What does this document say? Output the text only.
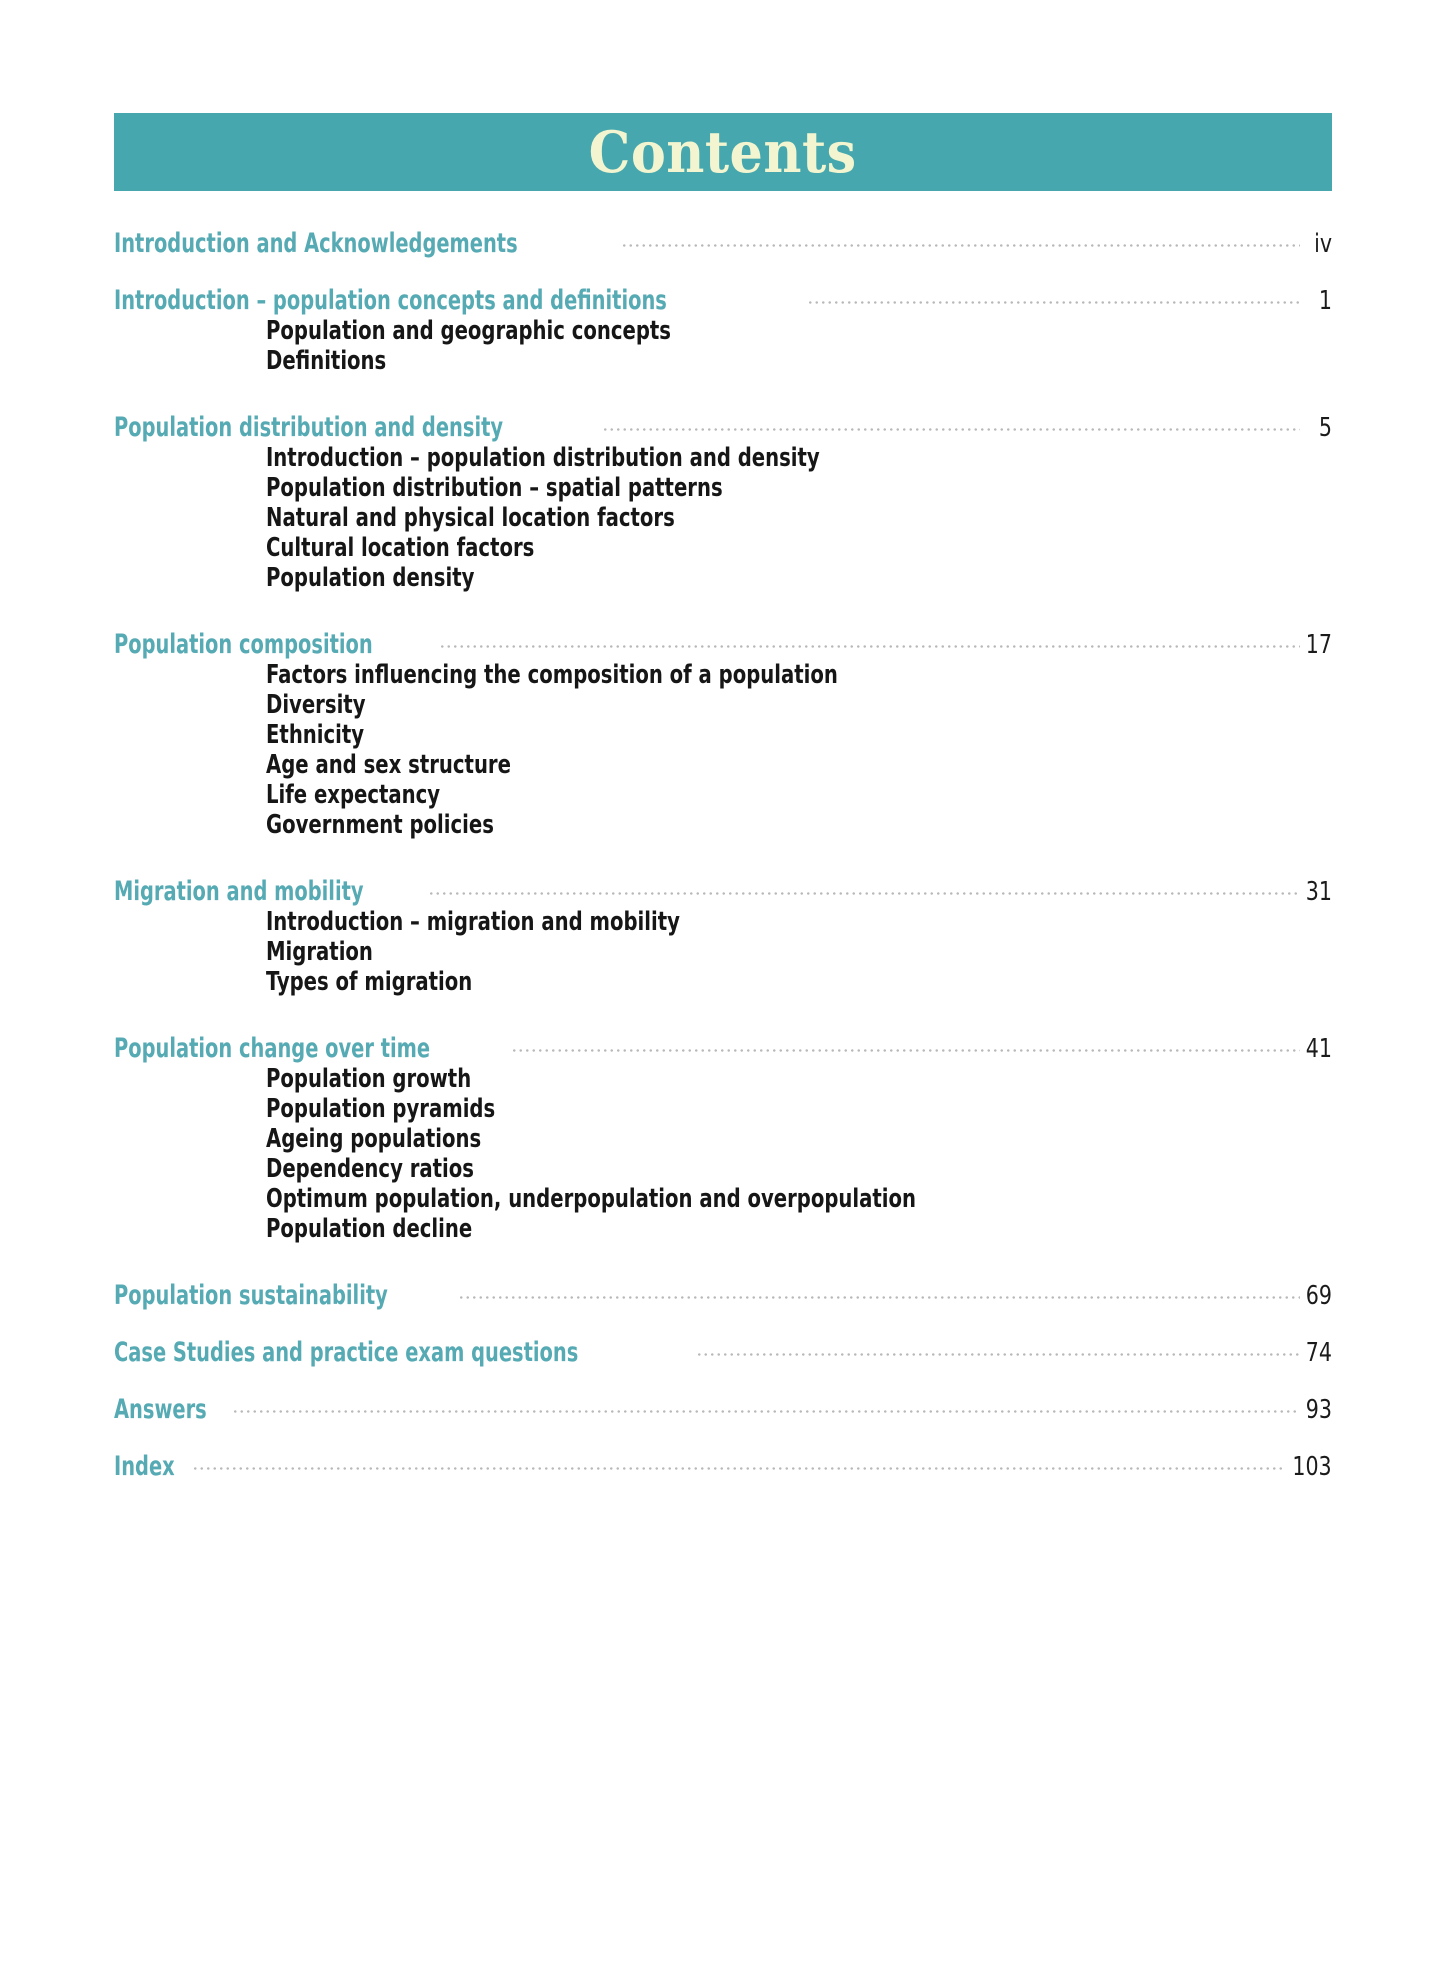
Contents
Introduction and Acknowledgements	iv
Introduction – population concepts and definitions	1
Population and geographic concepts
Definitions
Population distribution and density	5
Introduction – population distribution and density
Population distribution – spatial patterns
Natural and physical location factors
Cultural location factors
Population density
Population composition	17
Factors influencing the composition of a population
Diversity
Ethnicity
Age and sex structure
Life expectancy
Government policies
Migration and mobility	31
Introduction – migration and mobility
Migration
Types of migration
Population change over time	41
Population growth
Population pyramids
Ageing populations
Dependency ratios
Optimum population, underpopulation and overpopulation
Population decline
Population sustainability	69
Case Studies and practice exam questions	74
Answers	93
Index	103
